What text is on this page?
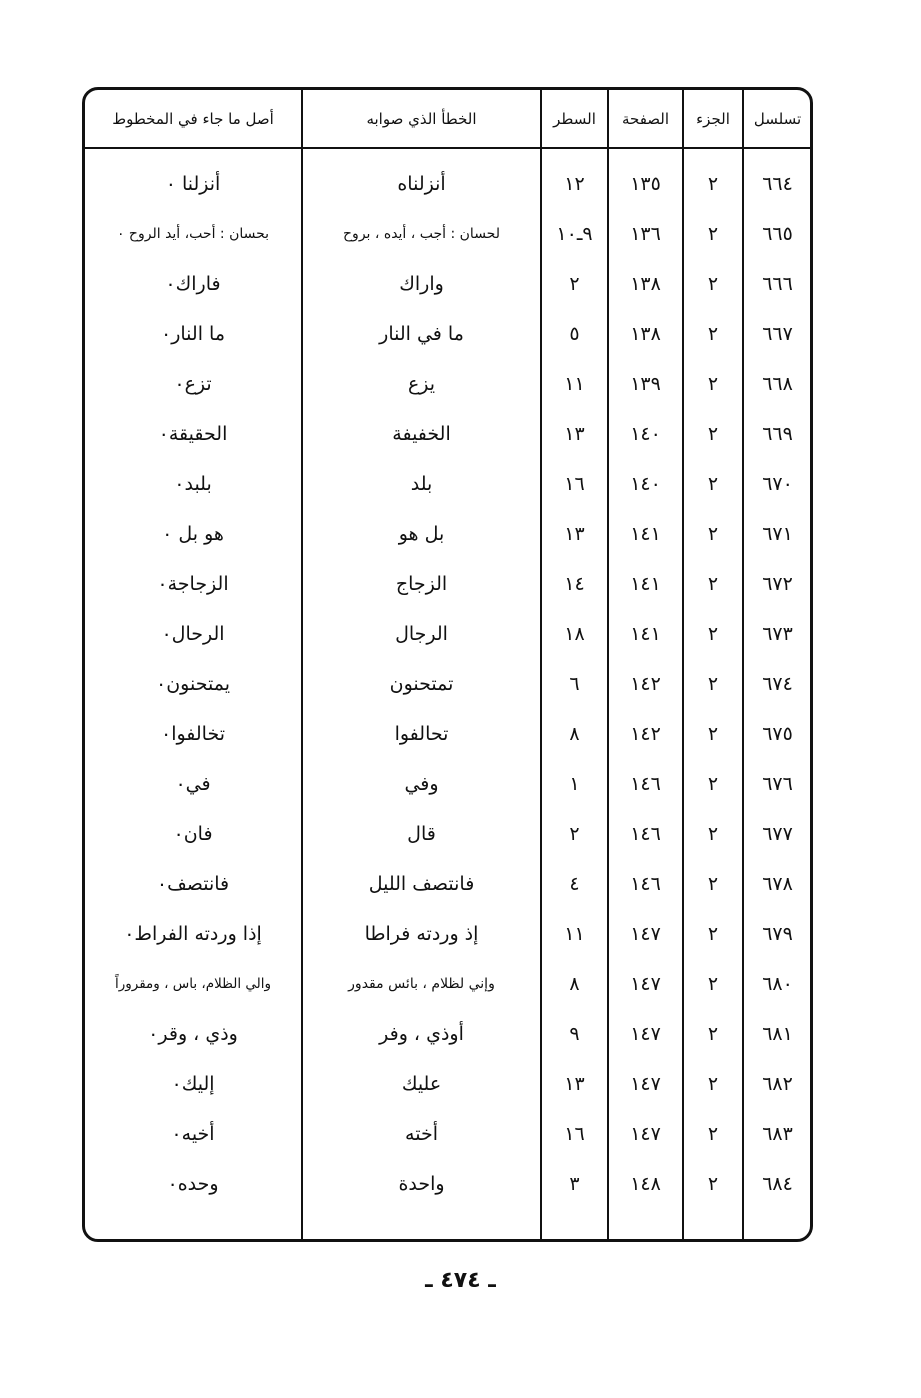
تسلسل
الجزء
الصفحة
السطر
الخطأ الذي صوابه
أصل ما جاء في المخطوط
٦٦٤
٢
١٣٥
١٢
أنزلناه
أنزلنا ٠
٦٦٥
٢
١٣٦
٩ـ١٠
لحسان : أجب ، أيده ، بروح
بحسان : أحب، أيد الروح ٠
٦٦٦
٢
١٣٨
٢
واراك
فاراك٠
٦٦٧
٢
١٣٨
٥
ما في النار
ما النار٠
٦٦٨
٢
١٣٩
١١
يزع
تزع٠
٦٦٩
٢
١٤٠
١٣
الخفيفة
الحقيقة٠
٦٧٠
٢
١٤٠
١٦
بلد
بلبد٠
٦٧١
٢
١٤١
١٣
بل هو
هو بل ٠
٦٧٢
٢
١٤١
١٤
الزجاج
الزجاجة٠
٦٧٣
٢
١٤١
١٨
الرجال
الرحال٠
٦٧٤
٢
١٤٢
٦
تمتحنون
يمتحنون٠
٦٧٥
٢
١٤٢
٨
تحالفوا
تخالفوا٠
٦٧٦
٢
١٤٦
١
وفي
في٠
٦٧٧
٢
١٤٦
٢
قال
فان٠
٦٧٨
٢
١٤٦
٤
فانتصف الليل
فانتصف٠
٦٧٩
٢
١٤٧
١١
إذ وردته فراطا
إذا وردته الفراط٠
٦٨٠
٢
١٤٧
٨
وإني لظلام ، بائس مقدور
والي الظلام، باس ، ومقروراً
٦٨١
٢
١٤٧
٩
أوذي ، وفر
وذي ، وقر٠
٦٨٢
٢
١٤٧
١٣
عليك
إليك٠
٦٨٣
٢
١٤٧
١٦
أخته
أخيه٠
٦٨٤
٢
١٤٨
٣
واحدة
وحده٠
ـ ٤٧٤ ـ
